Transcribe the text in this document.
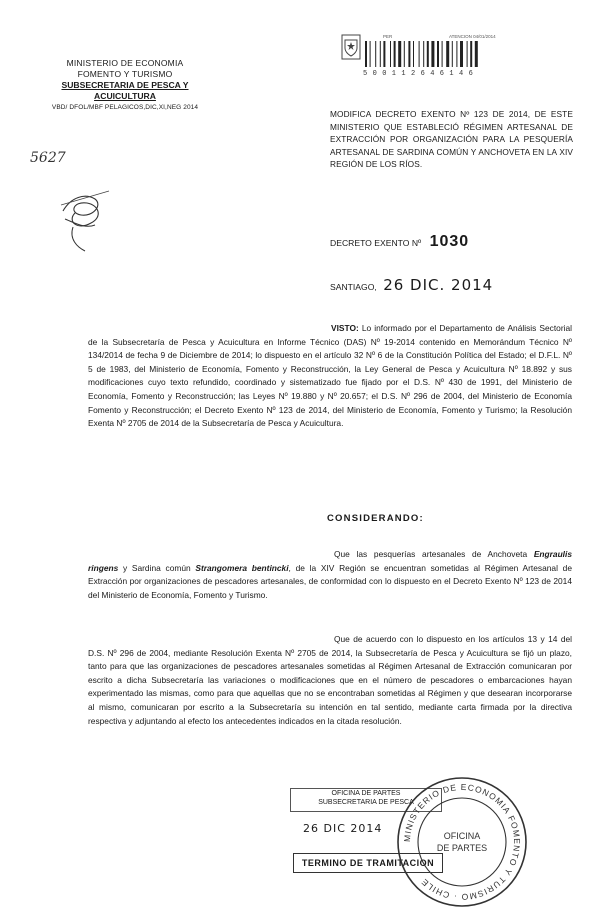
MINISTERIO DE ECONOMIA
FOMENTO Y TURISMO
SUBSECRETARIA DE PESCA Y ACUICULTURA
VBD/ DFOL/MBF PELAGICOS,DIC,XI,NEG 2014
5627
PER	ATENCION 04/01/2014
5 0 0 1 1 2 6 4 6 1 4 6
MODIFICA DECRETO EXENTO Nº 123 DE 2014, DE ESTE MINISTERIO QUE ESTABLECIÓ RÉGIMEN ARTESANAL DE EXTRACCIÓN POR ORGANIZACIÓN PARA LA PESQUERÍA ARTESANAL DE SARDINA COMÚN Y ANCHOVETA EN LA XIV REGIÓN DE LOS RÍOS.
DECRETO EXENTO Nº 1030
SANTIAGO, 26 DIC. 2014
VISTO: Lo informado por el Departamento de Análisis Sectorial de la Subsecretaría de Pesca y Acuicultura en Informe Técnico (DAS) Nº 19-2014 contenido en Memorándum Técnico Nº 134/2014 de fecha 9 de Diciembre de 2014; lo dispuesto en el artículo 32 Nº 6 de la Constitución Política del Estado; el D.F.L. Nº 5 de 1983, del Ministerio de Economía, Fomento y Reconstrucción, la Ley General de Pesca y Acuicultura Nº 18.892 y sus modificaciones cuyo texto refundido, coordinado y sistematizado fue fijado por el D.S. Nº 430 de 1991, del Ministerio de Economía, Fomento y Reconstrucción; las Leyes Nº 19.880 y Nº 20.657; el D.S. Nº 296 de 2004, del Ministerio de Economía Fomento y Reconstrucción; el Decreto Exento Nº 123 de 2014, del Ministerio de Economía, Fomento y Turismo; la Resolución Exenta Nº 2705 de 2014 de la Subsecretaría de Pesca y Acuicultura.
CONSIDERANDO:
Que las pesquerías artesanales de Anchoveta Engraulis ringens y Sardina común Strangomera bentincki, de la XIV Región se encuentran sometidas al Régimen Artesanal de Extracción por organizaciones de pescadores artesanales, de conformidad con lo dispuesto en el Decreto Exento Nº 123 de 2014 del Ministerio de Economía, Fomento y Turismo.
Que de acuerdo con lo dispuesto en los artículos 13 y 14 del D.S. Nº 296 de 2004, mediante Resolución Exenta Nº 2705 de 2014, la Subsecretaría de Pesca y Acuicultura se fijó un plazo, tanto para que las organizaciones de pescadores artesanales sometidas al Régimen Artesanal de Extracción comunicaran por escrito a dicha Subsecretaría las variaciones o modificaciones que en el número de pescadores o embarcaciones hayan experimentado las mismas, como para que aquellas que no se encontraban sometidas al Régimen y que desearan incorporarse al mismo, comunicaran por escrito a la Subsecretaría su intención en tal sentido, mediante carta firmada por la directiva respectiva y adjuntando al efecto los antecedentes indicados en la citada resolución.
OFICINA DE PARTES
SUBSECRETARIA DE PESCA
26 DIC 2014
TERMINO DE TRAMITACION
MINISTERIO DE ECONOMIA FOMENTO Y TURISMO · CHILE
OFICINA
DE PARTES
